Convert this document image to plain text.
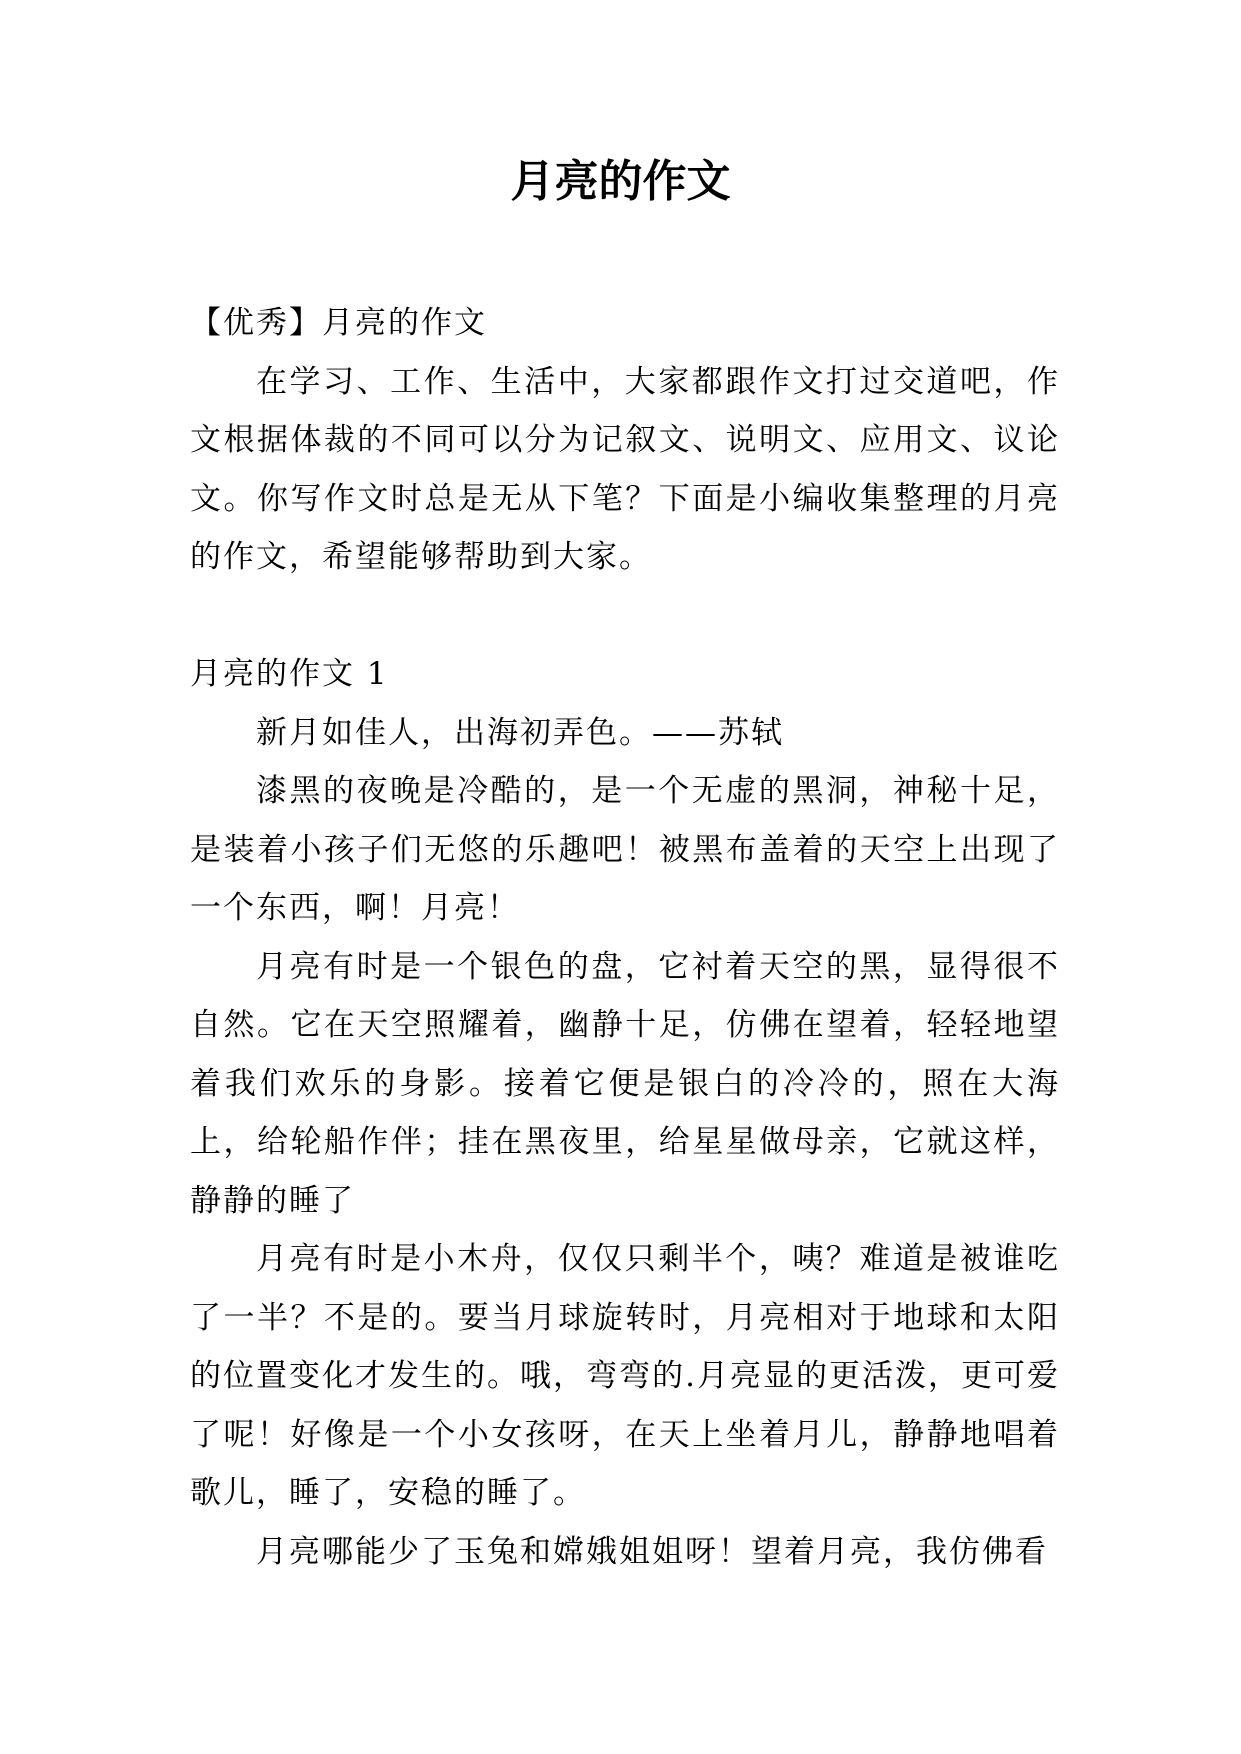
月亮的作文

【优秀】月亮的作文

在学习、工作、生活中，大家都跟作文打过交道吧，作文根据体裁的不同可以分为记叙文、说明文、应用文、议论文。你写作文时总是无从下笔？下面是小编收集整理的月亮的作文，希望能够帮助到大家。

月亮的作文 1

新月如佳人，出海初弄色。——苏轼

漆黑的夜晚是冷酷的，是一个无虚的黑洞，神秘十足，是装着小孩子们无悠的乐趣吧！被黑布盖着的天空上出现了一个东西，啊！月亮！

月亮有时是一个银色的盘，它衬着天空的黑，显得很不自然。它在天空照耀着，幽静十足，仿佛在望着，轻轻地望着我们欢乐的身影。接着它便是银白的冷冷的，照在大海上，给轮船作伴；挂在黑夜里，给星星做母亲，它就这样，静静的睡了

月亮有时是小木舟，仅仅只剩半个，咦？难道是被谁吃了一半？不是的。要当月球旋转时，月亮相对于地球和太阳的位置变化才发生的。哦，弯弯的.月亮显的更活泼，更可爱了呢！好像是一个小女孩呀，在天上坐着月儿，静静地唱着歌儿，睡了，安稳的睡了。

月亮哪能少了玉兔和嫦娥姐姐呀！望着月亮，我仿佛看
